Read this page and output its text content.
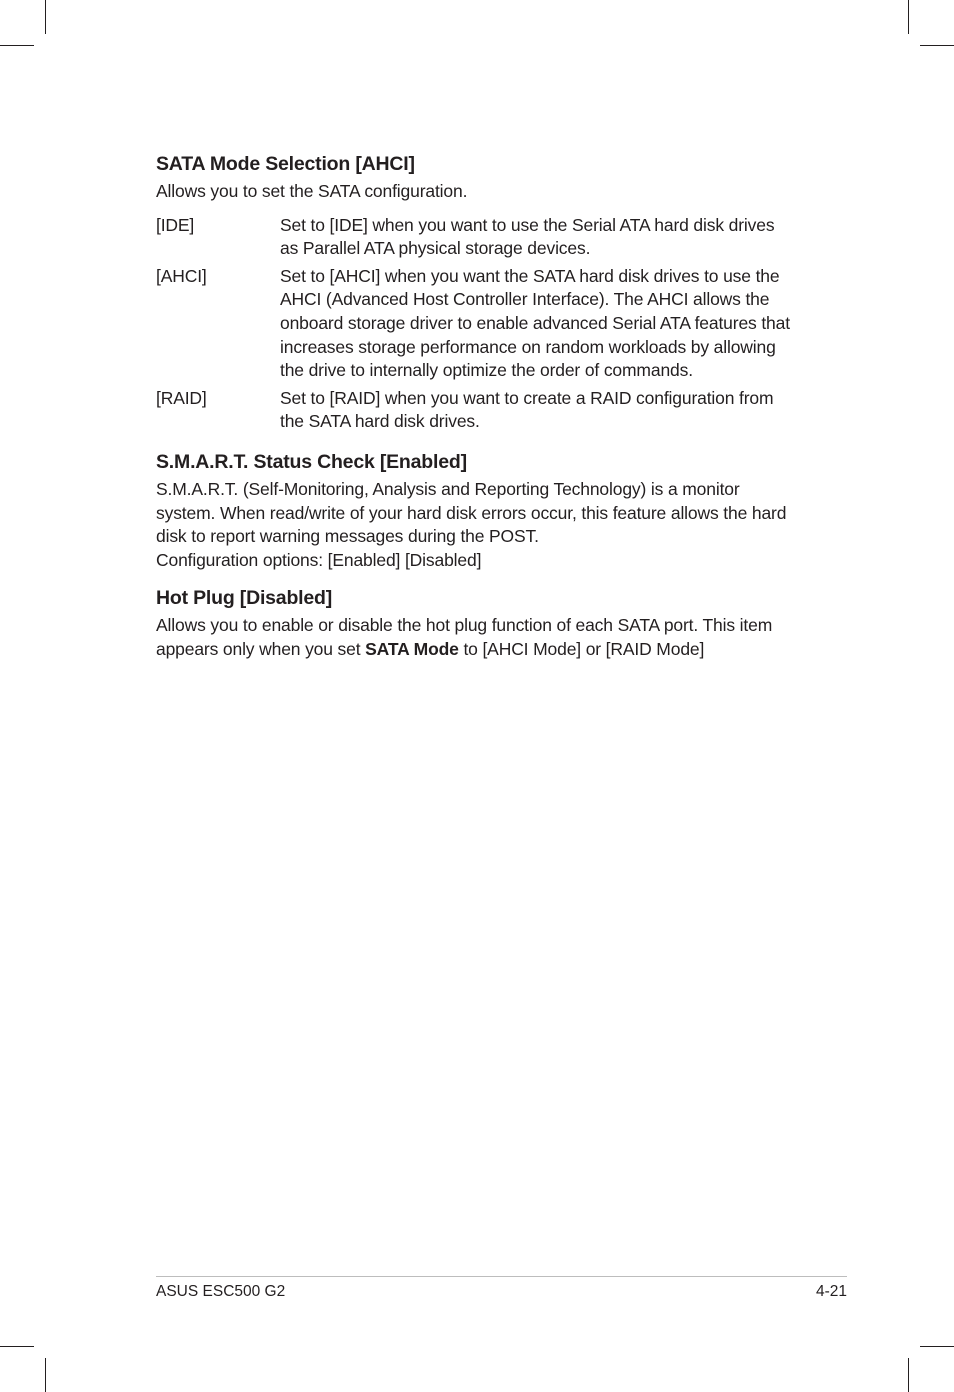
SATA Mode Selection [AHCI]

Allows you to set the SATA configuration.

[IDE]	Set to [IDE] when you want to use the Serial ATA hard disk drives
as Parallel ATA physical storage devices.
[AHCI]	Set to [AHCI] when you want the SATA hard disk drives to use the
AHCI (Advanced Host Controller Interface). The AHCI allows the
onboard storage driver to enable advanced Serial ATA features that
increases storage performance on random workloads by allowing
the drive to internally optimize the order of commands.
[RAID]	Set to [RAID] when you want to create a RAID configuration from
the SATA hard disk drives.
S.M.A.R.T. Status Check [Enabled]

S.M.A.R.T. (Self-Monitoring, Analysis and Reporting Technology) is a monitor
system. When read/write of your hard disk errors occur, this feature allows the hard
disk to report warning messages during the POST.
Configuration options: [Enabled] [Disabled]

Hot Plug [Disabled]

Allows you to enable or disable the hot plug function of each SATA port. This item
appears only when you set SATA Mode to [AHCI Mode] or [RAID Mode]

ASUS ESC500 G2	4-21
